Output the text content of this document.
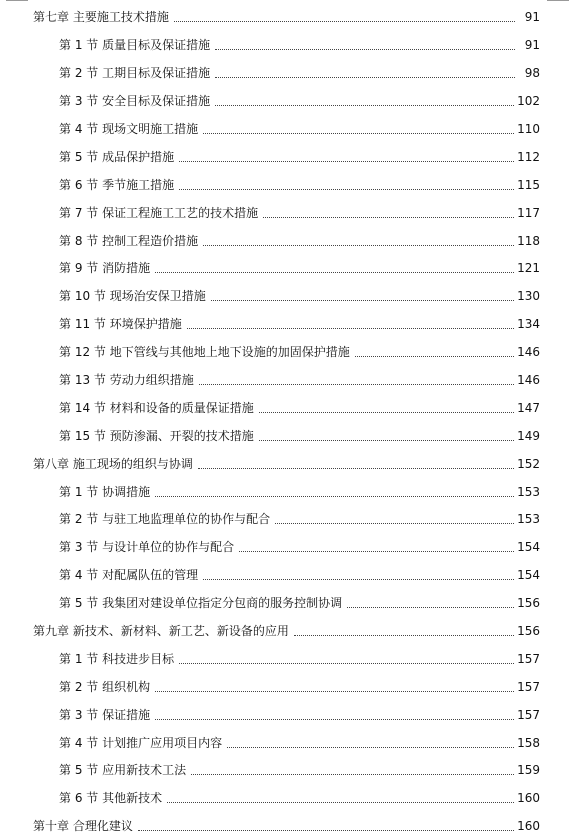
第七章 主要施工技术措施	91
第 1 节 质量目标及保证措施	91
第 2 节 工期目标及保证措施	98
第 3 节 安全目标及保证措施	102
第 4 节 现场文明施工措施	110
第 5 节 成品保护措施	112
第 6 节 季节施工措施	115
第 7 节 保证工程施工工艺的技术措施	117
第 8 节 控制工程造价措施	118
第 9 节 消防措施	121
第 10 节 现场治安保卫措施	130
第 11 节 环境保护措施	134
第 12 节 地下管线与其他地上地下设施的加固保护措施	146
第 13 节 劳动力组织措施	146
第 14 节 材料和设备的质量保证措施	147
第 15 节 预防渗漏、开裂的技术措施	149
第八章 施工现场的组织与协调	152
第 1 节 协调措施	153
第 2 节 与驻工地监理单位的协作与配合	153
第 3 节 与设计单位的协作与配合	154
第 4 节 对配属队伍的管理	154
第 5 节 我集团对建设单位指定分包商的服务控制协调	156
第九章 新技术、新材料、新工艺、新设备的应用	156
第 1 节 科技进步目标	157
第 2 节 组织机构	157
第 3 节 保证措施	157
第 4 节 计划推广应用项目内容	158
第 5 节 应用新技术工法	159
第 6 节 其他新技术	160
第十章 合理化建议	160
